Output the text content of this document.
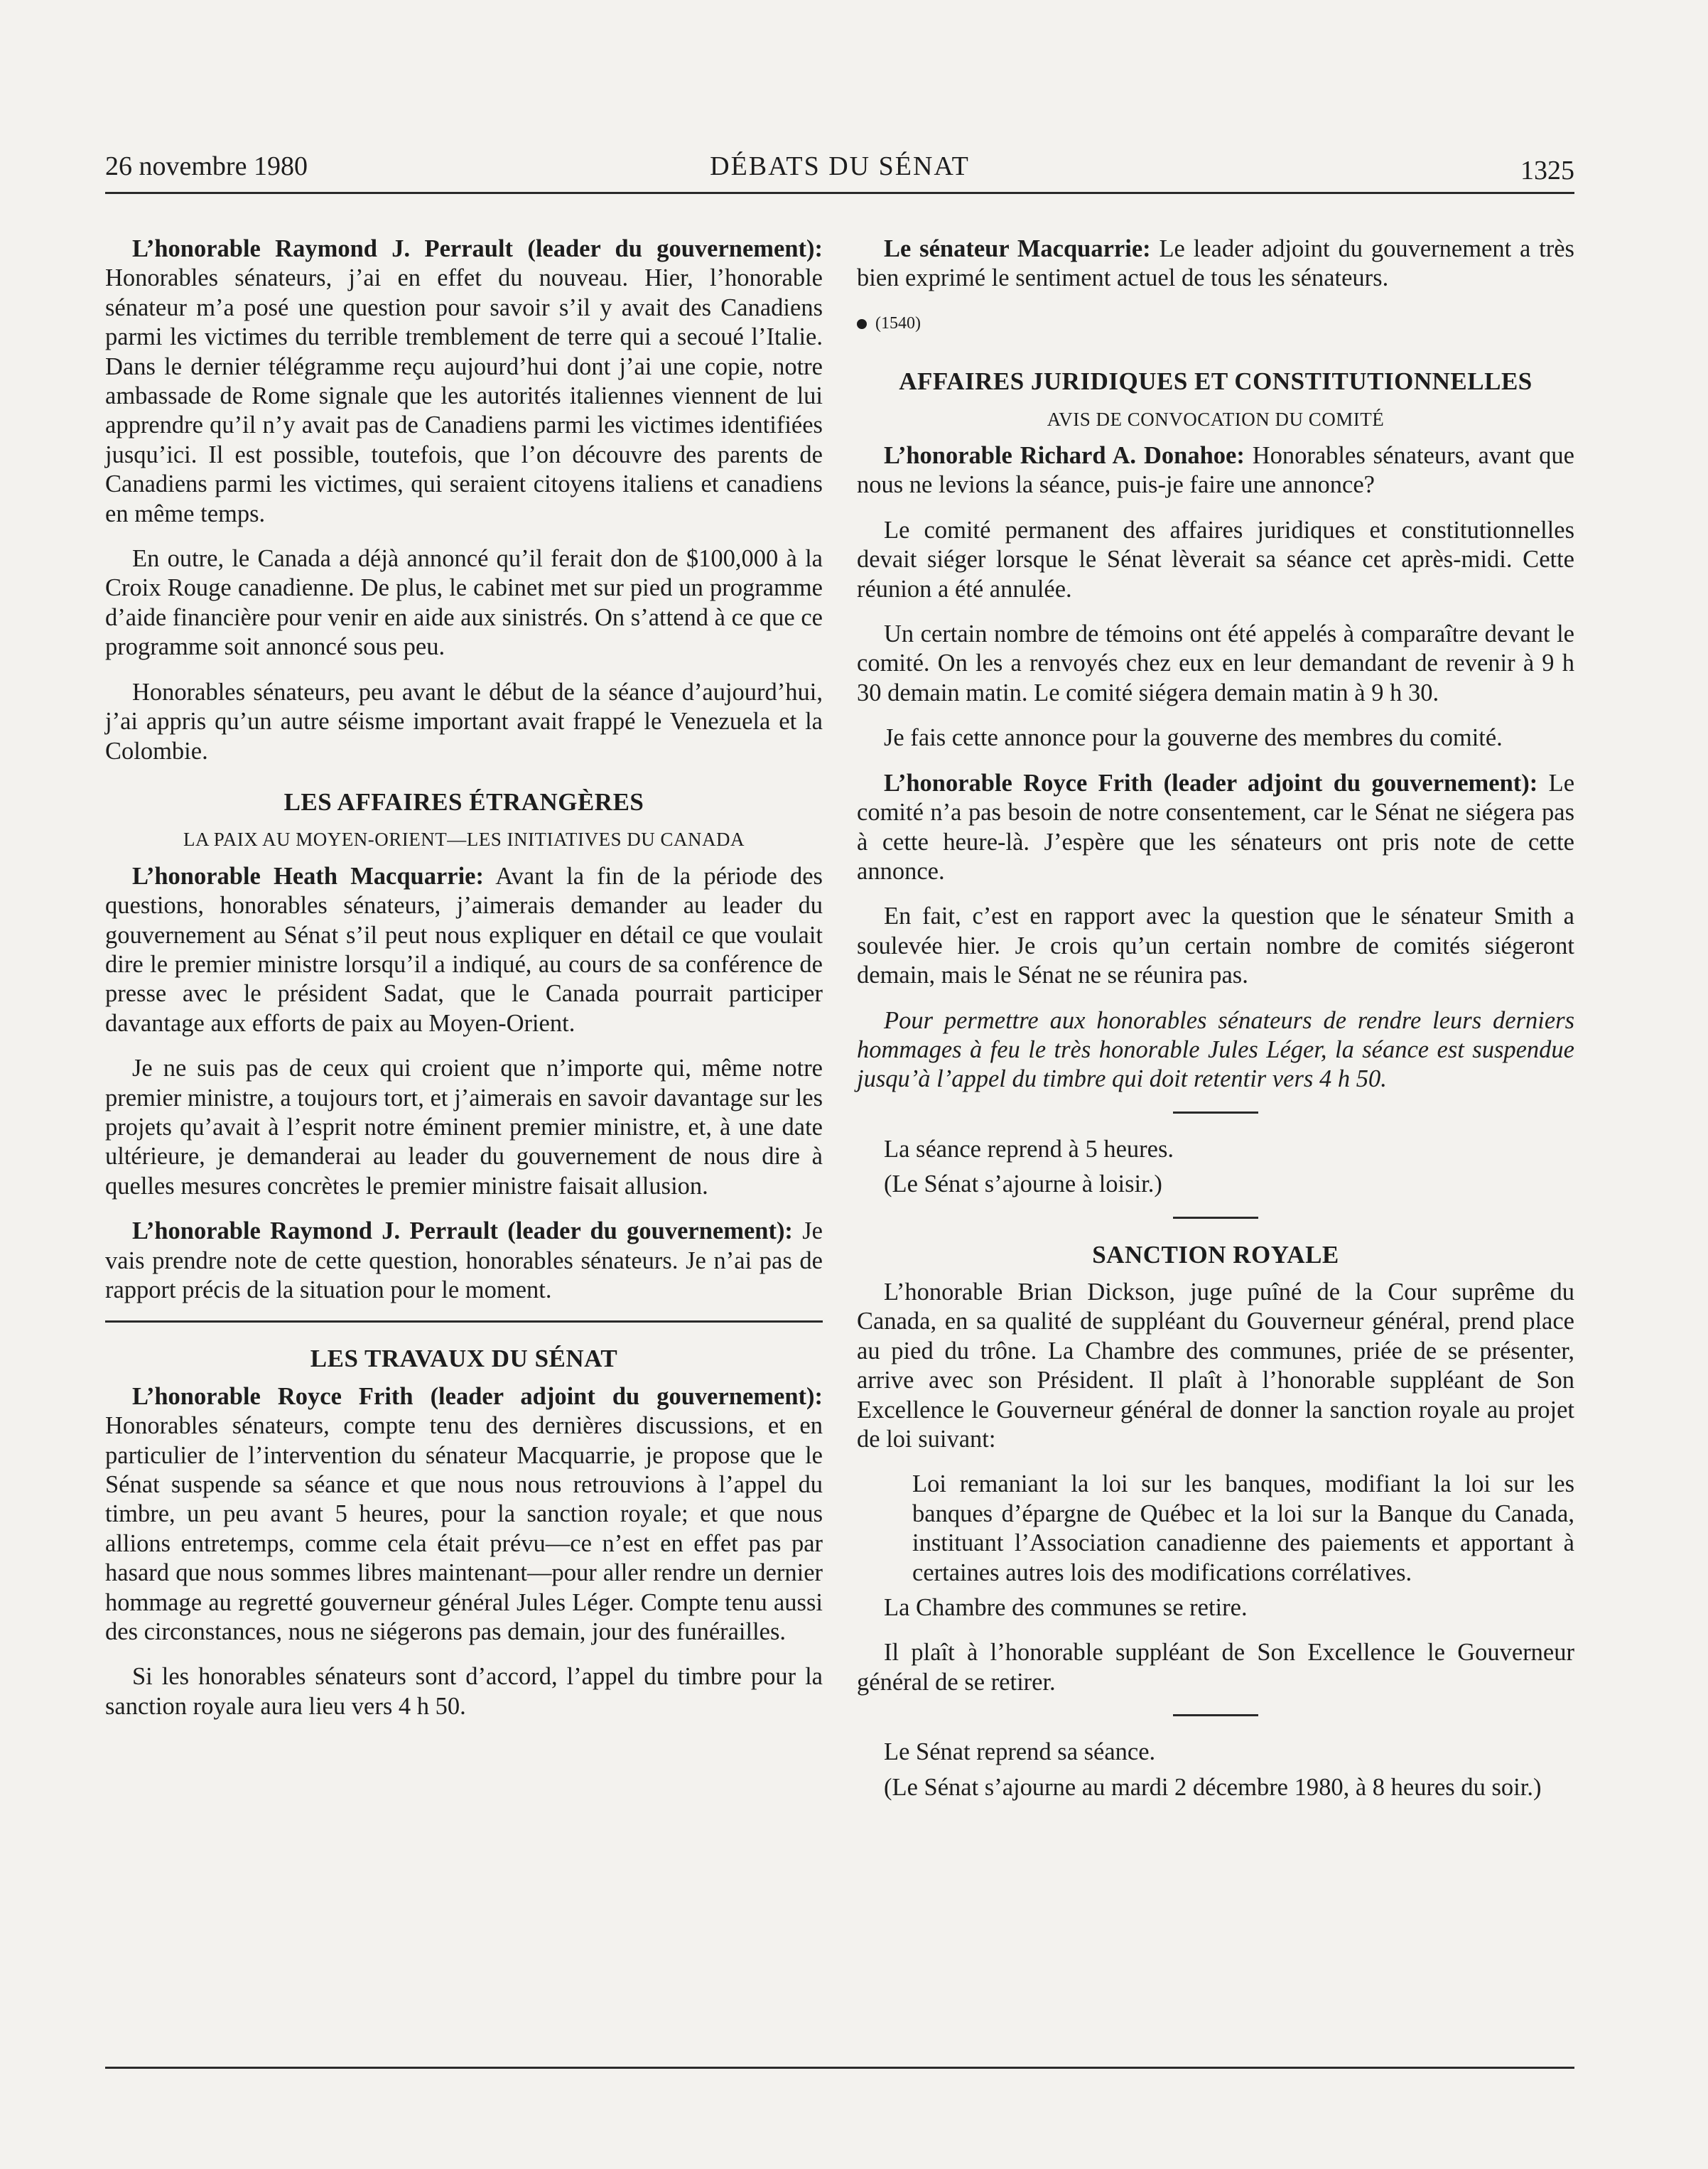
26 novembre 1980	DÉBATS DU SÉNAT	1325

L’honorable Raymond J. Perrault (leader du gouvernement): Honorables sénateurs, j’ai en effet du nouveau. Hier, l’honorable sénateur m’a posé une question pour savoir s’il y avait des Canadiens parmi les victimes du terrible tremblement de terre qui a secoué l’Italie. Dans le dernier télégramme reçu aujourd’hui dont j’ai une copie, notre ambassade de Rome signale que les autorités italiennes viennent de lui apprendre qu’il n’y avait pas de Canadiens parmi les victimes identifiées jusqu’ici. Il est possible, toutefois, que l’on découvre des parents de Canadiens parmi les victimes, qui seraient citoyens italiens et canadiens en même temps.

En outre, le Canada a déjà annoncé qu’il ferait don de $100,000 à la Croix Rouge canadienne. De plus, le cabinet met sur pied un programme d’aide financière pour venir en aide aux sinistrés. On s’attend à ce que ce programme soit annoncé sous peu.

Honorables sénateurs, peu avant le début de la séance d’aujourd’hui, j’ai appris qu’un autre séisme important avait frappé le Venezuela et la Colombie.

LES AFFAIRES ÉTRANGÈRES
LA PAIX AU MOYEN-ORIENT—LES INITIATIVES DU CANADA

L’honorable Heath Macquarrie: Avant la fin de la période des questions, honorables sénateurs, j’aimerais demander au leader du gouvernement au Sénat s’il peut nous expliquer en détail ce que voulait dire le premier ministre lorsqu’il a indiqué, au cours de sa conférence de presse avec le président Sadat, que le Canada pourrait participer davantage aux efforts de paix au Moyen-Orient.

Je ne suis pas de ceux qui croient que n’importe qui, même notre premier ministre, a toujours tort, et j’aimerais en savoir davantage sur les projets qu’avait à l’esprit notre éminent premier ministre, et, à une date ultérieure, je demanderai au leader du gouvernement de nous dire à quelles mesures concrètes le premier ministre faisait allusion.

L’honorable Raymond J. Perrault (leader du gouvernement): Je vais prendre note de cette question, honorables sénateurs. Je n’ai pas de rapport précis de la situation pour le moment.

LES TRAVAUX DU SÉNAT

L’honorable Royce Frith (leader adjoint du gouvernement): Honorables sénateurs, compte tenu des dernières discussions, et en particulier de l’intervention du sénateur Macquarrie, je propose que le Sénat suspende sa séance et que nous nous retrouvions à l’appel du timbre, un peu avant 5 heures, pour la sanction royale; et que nous allions entretemps, comme cela était prévu—ce n’est en effet pas par hasard que nous sommes libres maintenant—pour aller rendre un dernier hommage au regretté gouverneur général Jules Léger. Compte tenu aussi des circonstances, nous ne siégerons pas demain, jour des funérailles.

Si les honorables sénateurs sont d’accord, l’appel du timbre pour la sanction royale aura lieu vers 4 h 50.

Le sénateur Macquarrie: Le leader adjoint du gouvernement a très bien exprimé le sentiment actuel de tous les sénateurs.

(1540)
AFFAIRES JURIDIQUES ET CONSTITUTIONNELLES
AVIS DE CONVOCATION DU COMITÉ

L’honorable Richard A. Donahoe: Honorables sénateurs, avant que nous ne levions la séance, puis-je faire une annonce?

Le comité permanent des affaires juridiques et constitutionnelles devait siéger lorsque le Sénat lèverait sa séance cet après-midi. Cette réunion a été annulée.

Un certain nombre de témoins ont été appelés à comparaître devant le comité. On les a renvoyés chez eux en leur demandant de revenir à 9 h 30 demain matin. Le comité siégera demain matin à 9 h 30.

Je fais cette annonce pour la gouverne des membres du comité.

L’honorable Royce Frith (leader adjoint du gouvernement): Le comité n’a pas besoin de notre consentement, car le Sénat ne siégera pas à cette heure-là. J’espère que les sénateurs ont pris note de cette annonce.

En fait, c’est en rapport avec la question que le sénateur Smith a soulevée hier. Je crois qu’un certain nombre de comités siégeront demain, mais le Sénat ne se réunira pas.

Pour permettre aux honorables sénateurs de rendre leurs derniers hommages à feu le très honorable Jules Léger, la séance est suspendue jusqu’à l’appel du timbre qui doit retentir vers 4 h 50.

La séance reprend à 5 heures.

(Le Sénat s’ajourne à loisir.)

SANCTION ROYALE

L’honorable Brian Dickson, juge puîné de la Cour suprême du Canada, en sa qualité de suppléant du Gouverneur général, prend place au pied du trône. La Chambre des communes, priée de se présenter, arrive avec son Président. Il plaît à l’honorable suppléant de Son Excellence le Gouverneur général de donner la sanction royale au projet de loi suivant:

Loi remaniant la loi sur les banques, modifiant la loi sur les banques d’épargne de Québec et la loi sur la Banque du Canada, instituant l’Association canadienne des paiements et apportant à certaines autres lois des modifications corrélatives.

La Chambre des communes se retire.

Il plaît à l’honorable suppléant de Son Excellence le Gouverneur général de se retirer.

Le Sénat reprend sa séance.

(Le Sénat s’ajourne au mardi 2 décembre 1980, à 8 heures du soir.)
